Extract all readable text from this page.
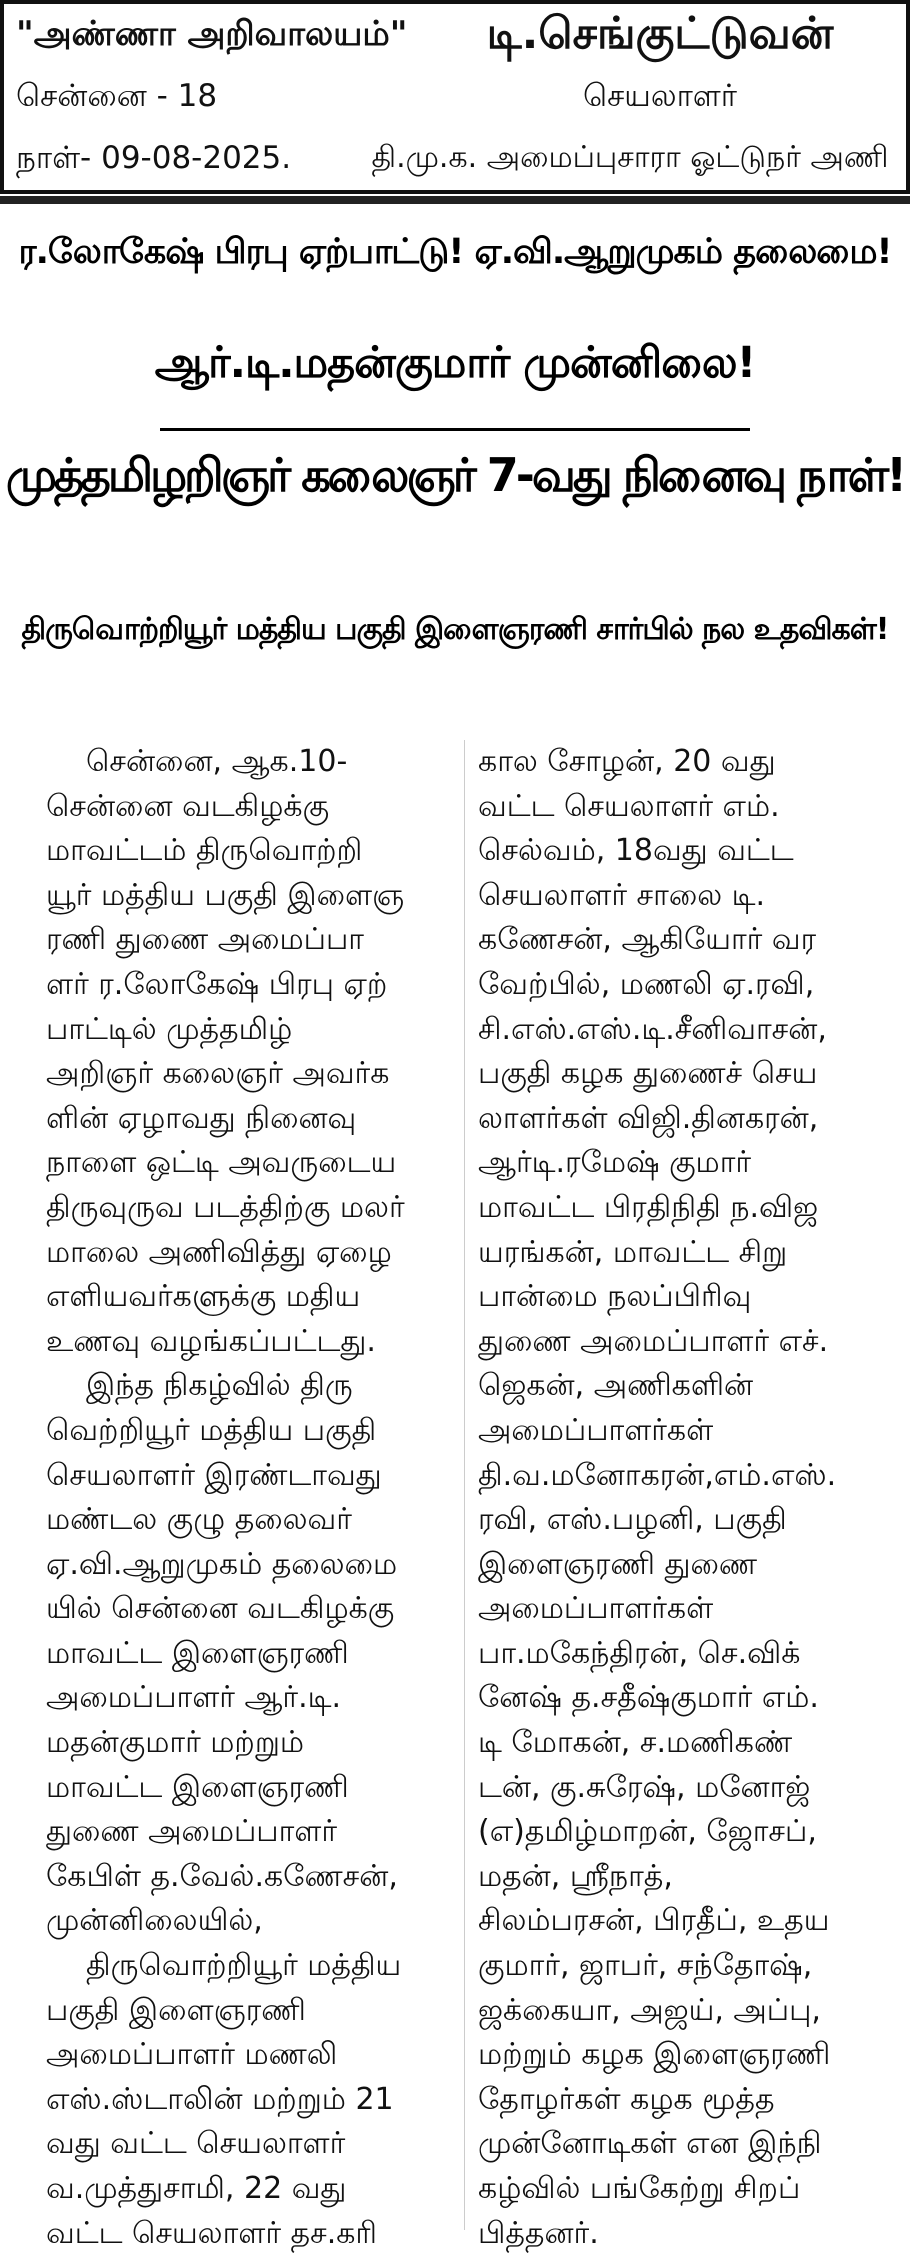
"அண்ணா அறிவாலயம்"
சென்னை - 18
நாள்- 09-08-2025.
டி.செங்குட்டுவன்
செயலாளர்
தி.மு.க. அமைப்புசாரா ஓட்டுநர் அணி
ர.லோகேஷ் பிரபு ஏற்பாட்டு! ஏ.வி.ஆறுமுகம் தலைமை!
ஆர்.டி.மதன்குமார் முன்னிலை!
முத்தமிழறிஞர் கலைஞர் 7-வது நினைவு நாள்!
திருவொற்றியூர் மத்திய பகுதி இளைஞரணி சார்பில் நல உதவிகள்!
சென்னை, ஆக.10-
சென்னை வடகிழக்கு
மாவட்டம் திருவொற்றி
யூர் மத்திய பகுதி இளைஞ
ரணி துணை அமைப்பா
ளர் ர.லோகேஷ் பிரபு ஏற்
பாட்டில் முத்தமிழ்
அறிஞர் கலைஞர் அவர்க
ளின் ஏழாவது நினைவு
நாளை ஒட்டி அவருடைய
திருவுருவ படத்திற்கு மலர்
மாலை அணிவித்து ஏழை
எளியவர்களுக்கு மதிய
உணவு வழங்கப்பட்டது.
இந்த நிகழ்வில் திரு
வெற்றியூர் மத்திய பகுதி
செயலாளர் இரண்டாவது
மண்டல குழு தலைவர்
ஏ.வி.ஆறுமுகம் தலைமை
யில் சென்னை வடகிழக்கு
மாவட்ட இளைஞரணி
அமைப்பாளர் ஆர்.டி.
மதன்குமார் மற்றும்
மாவட்ட இளைஞரணி
துணை அமைப்பாளர்
கேபிள் த.வேல்.கணேசன்,
முன்னிலையில்,
திருவொற்றியூர் மத்திய
பகுதி இளைஞரணி
அமைப்பாளர் மணலி
எஸ்.ஸ்டாலின் மற்றும் 21
வது வட்ட செயலாளர்
வ.முத்துசாமி, 22 வது
வட்ட செயலாளர் தச.கரி
கால சோழன், 20 வது
வட்ட செயலாளர் எம்.
செல்வம், 18வது வட்ட
செயலாளர் சாலை டி.
கணேசன், ஆகியோர் வர
வேற்பில், மணலி ஏ.ரவி,
சி.எஸ்.எஸ்.டி.சீனிவாசன்,
பகுதி கழக துணைச் செய
லாளர்கள் விஜி.தினகரன்,
ஆர்டி.ரமேஷ் குமார்
மாவட்ட பிரதிநிதி ந.விஜ
யரங்கன், மாவட்ட சிறு
பான்மை நலப்பிரிவு
துணை அமைப்பாளர் எச்.
ஜெகன், அணிகளின்
அமைப்பாளர்கள்
தி.வ.மனோகரன்,எம்.எஸ்.
ரவி, எஸ்.பழனி, பகுதி
இளைஞரணி துணை
அமைப்பாளர்கள்
பா.மகேந்திரன், செ.விக்
னேஷ் த.சதீஷ்குமார் எம்.
டி மோகன், ச.மணிகண்
டன், கு.சுரேஷ், மனோஜ்
(எ)தமிழ்மாறன், ஜோசப்,
மதன், ஸ்ரீநாத்,
சிலம்பரசன், பிரதீப், உதய
குமார், ஜாபர், சந்தோஷ்,
ஜக்கையா, அஜய், அப்பு,
மற்றும் கழக இளைஞரணி
தோழர்கள் கழக மூத்த
முன்னோடிகள் என இந்நி
கழ்வில் பங்கேற்று சிறப்
பித்தனர்.
